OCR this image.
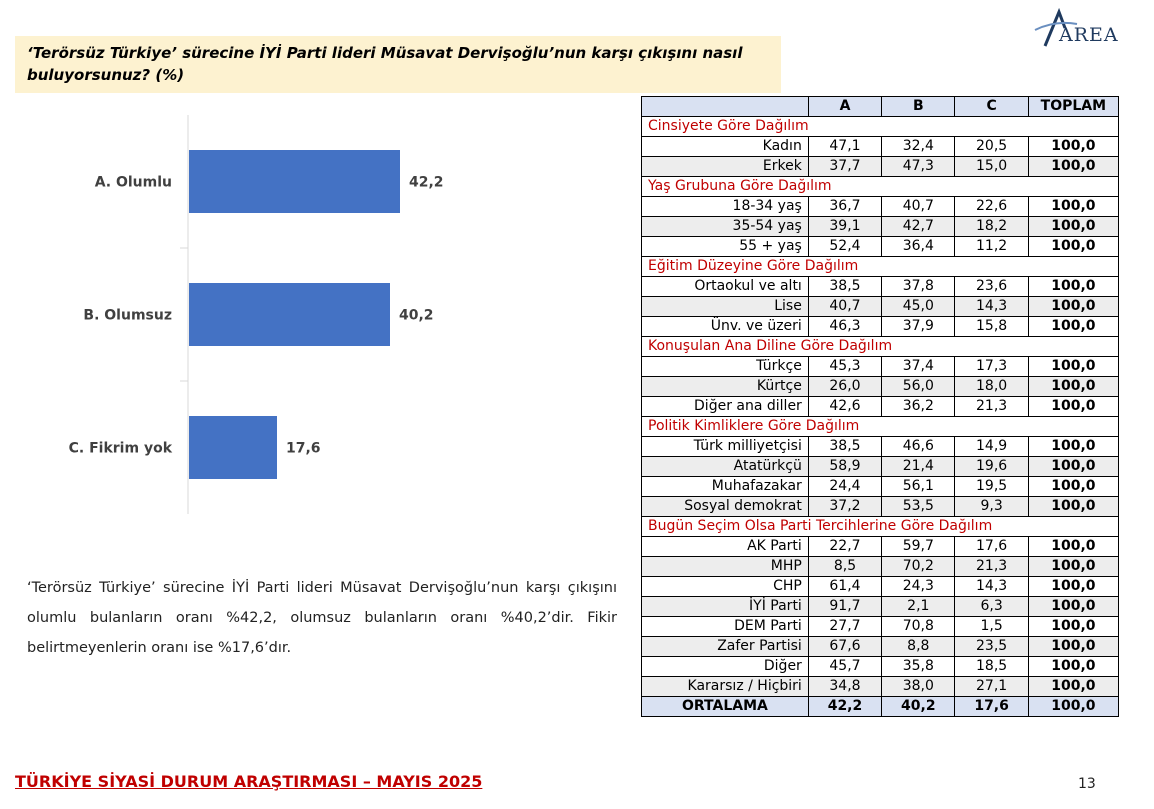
‘Terörsüz Türkiye’ sürecine İYİ Parti lideri Müsavat Dervişoğlu’nun karşı çıkışını nasıl buluyorsunuz? (%)
AREA
A. Olumlu	42,2
B. Olumsuz	40,2
C. Fikrim yok	17,6
‘Terörsüz Türkiye’ sürecine İYİ Parti lideri Müsavat Dervişoğlu’nun karşı çıkışını olumlu bulanların oranı %42,2, olumsuz bulanların oranı %40,2’dir. Fikir belirtmeyenlerin oranı ise %17,6’dır.
	A	B	C	TOPLAM
Cinsiyete Göre Dağılım				
Kadın	47,1	32,4	20,5	100,0
Erkek	37,7	47,3	15,0	100,0
Yaş Grubuna Göre Dağılım				
18-34 yaş	36,7	40,7	22,6	100,0
35-54 yaş	39,1	42,7	18,2	100,0
55 + yaş	52,4	36,4	11,2	100,0
Eğitim Düzeyine Göre Dağılım				
Ortaokul ve altı	38,5	37,8	23,6	100,0
Lise	40,7	45,0	14,3	100,0
Ünv. ve üzeri	46,3	37,9	15,8	100,0
Konuşulan Ana Diline Göre Dağılım				
Türkçe	45,3	37,4	17,3	100,0
Kürtçe	26,0	56,0	18,0	100,0
Diğer ana diller	42,6	36,2	21,3	100,0
Politik Kimliklere Göre Dağılım				
Türk milliyetçisi	38,5	46,6	14,9	100,0
Atatürkçü	58,9	21,4	19,6	100,0
Muhafazakar	24,4	56,1	19,5	100,0
Sosyal demokrat	37,2	53,5	9,3	100,0
Bugün Seçim Olsa Parti Tercihlerine Göre Dağılım				
AK Parti	22,7	59,7	17,6	100,0
MHP	8,5	70,2	21,3	100,0
CHP	61,4	24,3	14,3	100,0
İYİ Parti	91,7	2,1	6,3	100,0
DEM Parti	27,7	70,8	1,5	100,0
Zafer Partisi	67,6	8,8	23,5	100,0
Diğer	45,7	35,8	18,5	100,0
Kararsız / Hiçbiri	34,8	38,0	27,1	100,0
ORTALAMA	42,2	40,2	17,6	100,0
TÜRKİYE SİYASİ DURUM ARAŞTIRMASI – MAYIS 2025	13
